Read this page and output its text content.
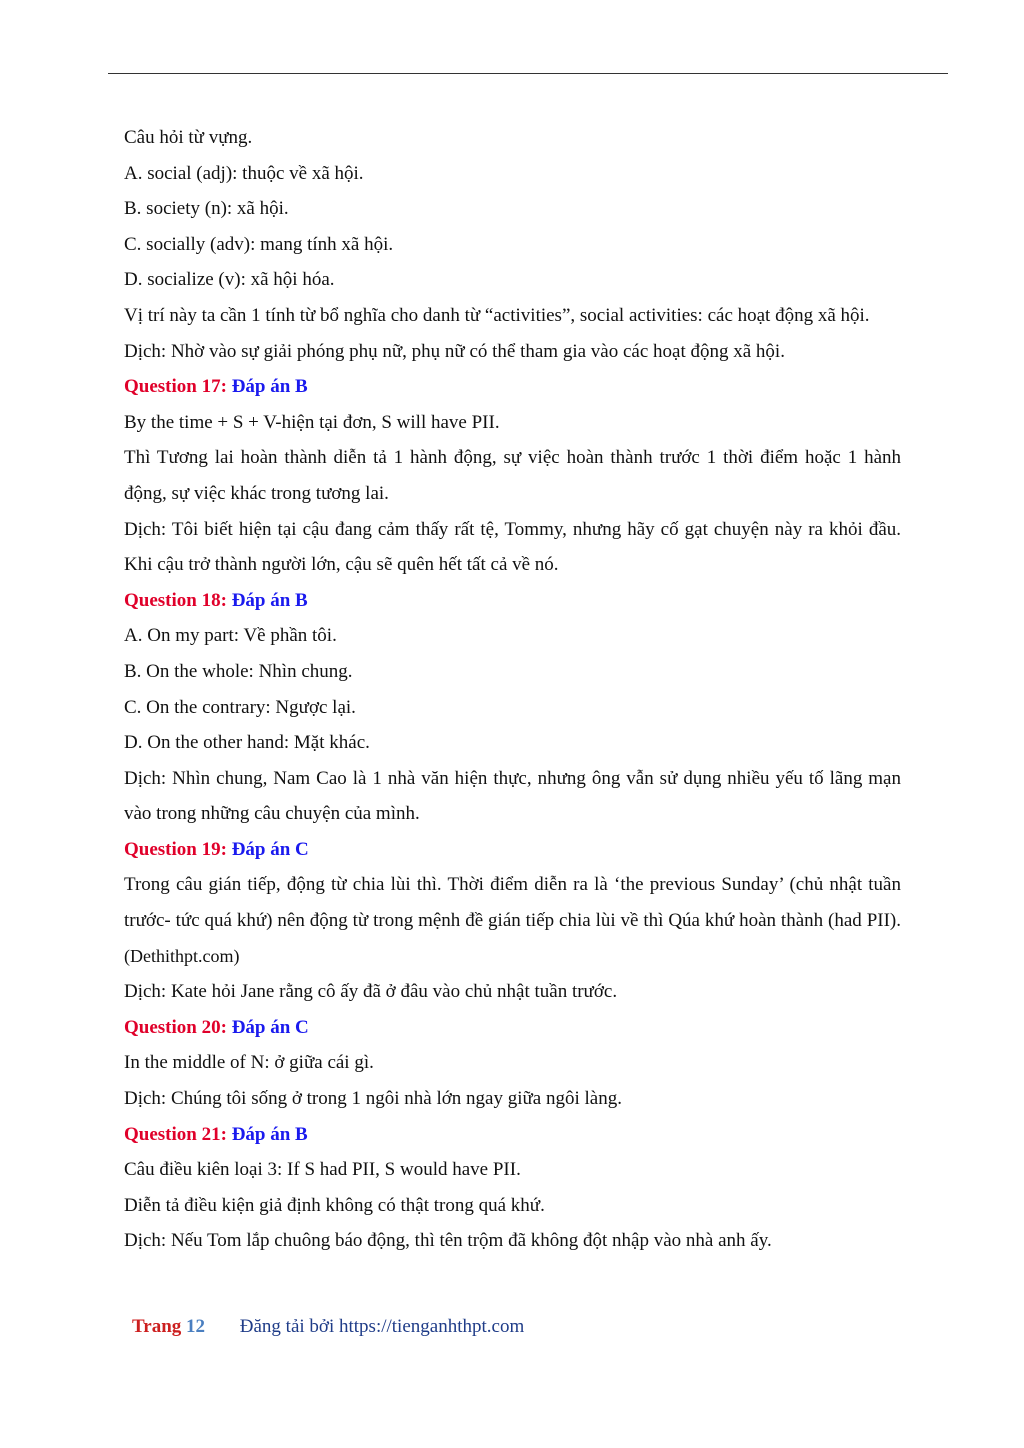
Câu hỏi từ vựng.

A. social (adj): thuộc về xã hội.

B. society (n): xã hội.

C. socially (adv): mang tính xã hội.

D. socialize (v): xã hội hóa.

Vị trí này ta cần 1 tính từ bổ nghĩa cho danh từ “activities”, social activities: các hoạt động xã hội.

Dịch: Nhờ vào sự giải phóng phụ nữ, phụ nữ có thể tham gia vào các hoạt động xã hội.

Question 17: Đáp án B

By the time + S + V-hiện tại đơn, S will have PII.

Thì Tương lai hoàn thành diễn tả 1 hành động, sự việc hoàn thành trước 1 thời điểm hoặc 1 hành động, sự việc khác trong tương lai.

Dịch: Tôi biết hiện tại cậu đang cảm thấy rất tệ, Tommy, nhưng hãy cố gạt chuyện này ra khỏi đầu. Khi cậu trở thành người lớn, cậu sẽ quên hết tất cả về nó.

Question 18: Đáp án B

A. On my part: Về phần tôi.

B. On the whole: Nhìn chung.

C. On the contrary: Ngược lại.

D. On the other hand: Mặt khác.

Dịch: Nhìn chung, Nam Cao là 1 nhà văn hiện thực, nhưng ông vẫn sử dụng nhiều yếu tố lãng mạn vào trong những câu chuyện của mình.

Question 19: Đáp án C

Trong câu gián tiếp, động từ chia lùi thì. Thời điểm diễn ra là ‘the previous Sunday’ (chủ nhật tuần trước- tức quá khứ) nên động từ trong mệnh đề gián tiếp chia lùi về thì Qúa khứ hoàn thành (had PII). (Dethithpt.com)

Dịch: Kate hỏi Jane rằng cô ấy đã ở đâu vào chủ nhật tuần trước.

Question 20: Đáp án C

In the middle of N: ở giữa cái gì.

Dịch: Chúng tôi sống ở trong 1 ngôi nhà lớn ngay giữa ngôi làng.

Question 21: Đáp án B

Câu điều kiên loại 3: If S had PII, S would have PII.

Diễn tả điều kiện giả định không có thật trong quá khứ.

Dịch: Nếu Tom lắp chuông báo động, thì tên trộm đã không đột nhập vào nhà anh ấy.

Trang 12 Đăng tải bởi https://tienganhthpt.com
